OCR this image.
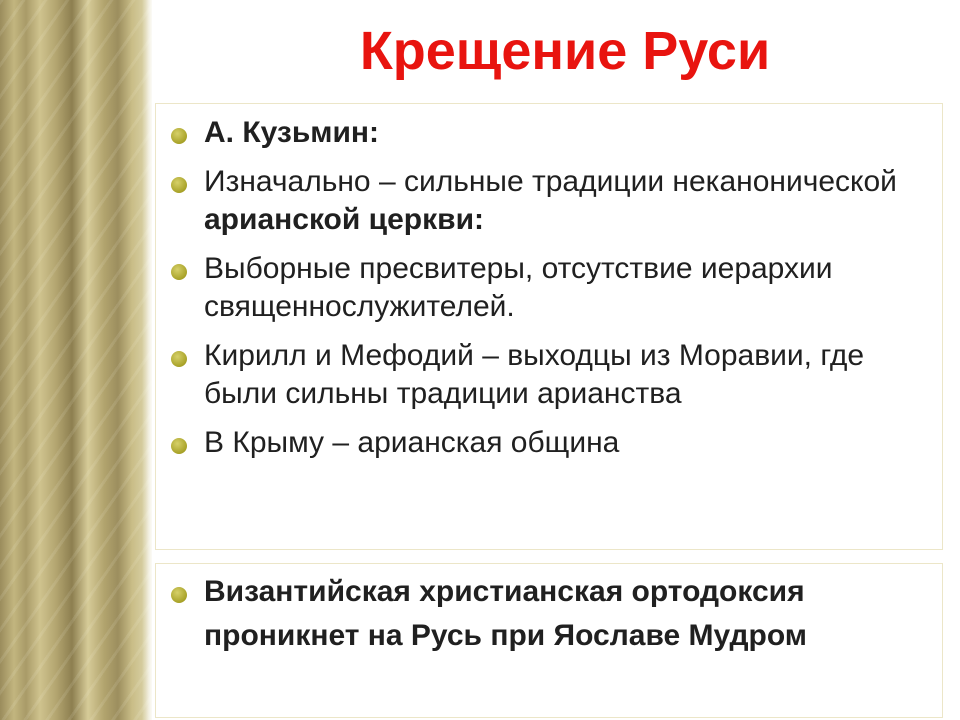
Крещение Руси
А. Кузьмин:
Изначально – сильные традиции неканонической арианской церкви:
Выборные пресвитеры, отсутствие иерархии священнослужителей.
Кирилл и Мефодий – выходцы из Моравии, где были сильны традиции арианства
В Крыму – арианская община
Византийская христианская ортодоксия проникнет на Русь при Яославе Мудром
